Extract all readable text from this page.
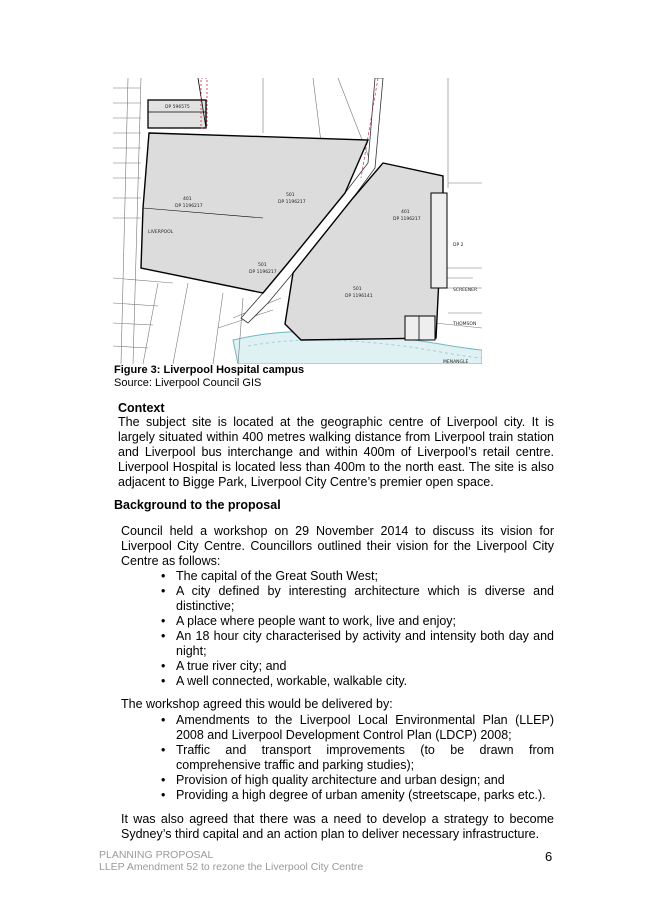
DP 596575
LIVERPOOL
401
DP 1196217
501
DP 1196217
501
DP 1196217
401
DP 1196217
501
DP 1196141
DP 2
SCREENER
THOMSON
MENANGLE
Figure 3: Liverpool Hospital campus
Source: Liverpool Council GIS
Context
The subject site is located at the geographic centre of Liverpool city. It is largely situated within 400 metres walking distance from Liverpool train station and Liverpool bus interchange and within 400m of Liverpool’s retail centre. Liverpool Hospital is located less than 400m to the north east. The site is also adjacent to Bigge Park, Liverpool City Centre’s premier open space.
Background to the proposal
Council held a workshop on 29 November 2014 to discuss its vision for Liverpool City Centre. Councillors outlined their vision for the Liverpool City Centre as follows:
• The capital of the Great South West;
• A city defined by interesting architecture which is diverse and distinctive;
• A place where people want to work, live and enjoy;
• An 18 hour city characterised by activity and intensity both day and night;
• A true river city; and
• A well connected, workable, walkable city.
The workshop agreed this would be delivered by:
• Amendments to the Liverpool Local Environmental Plan (LLEP) 2008 and Liverpool Development Control Plan (LDCP) 2008;
• Traffic and transport improvements (to be drawn from comprehensive traffic and parking studies);
• Provision of high quality architecture and urban design; and
• Providing a high degree of urban amenity (streetscape, parks etc.).
It was also agreed that there was a need to develop a strategy to become Sydney’s third capital and an action plan to deliver necessary infrastructure.
PLANNING PROPOSAL
LLEP Amendment 52 to rezone the Liverpool City Centre
6
